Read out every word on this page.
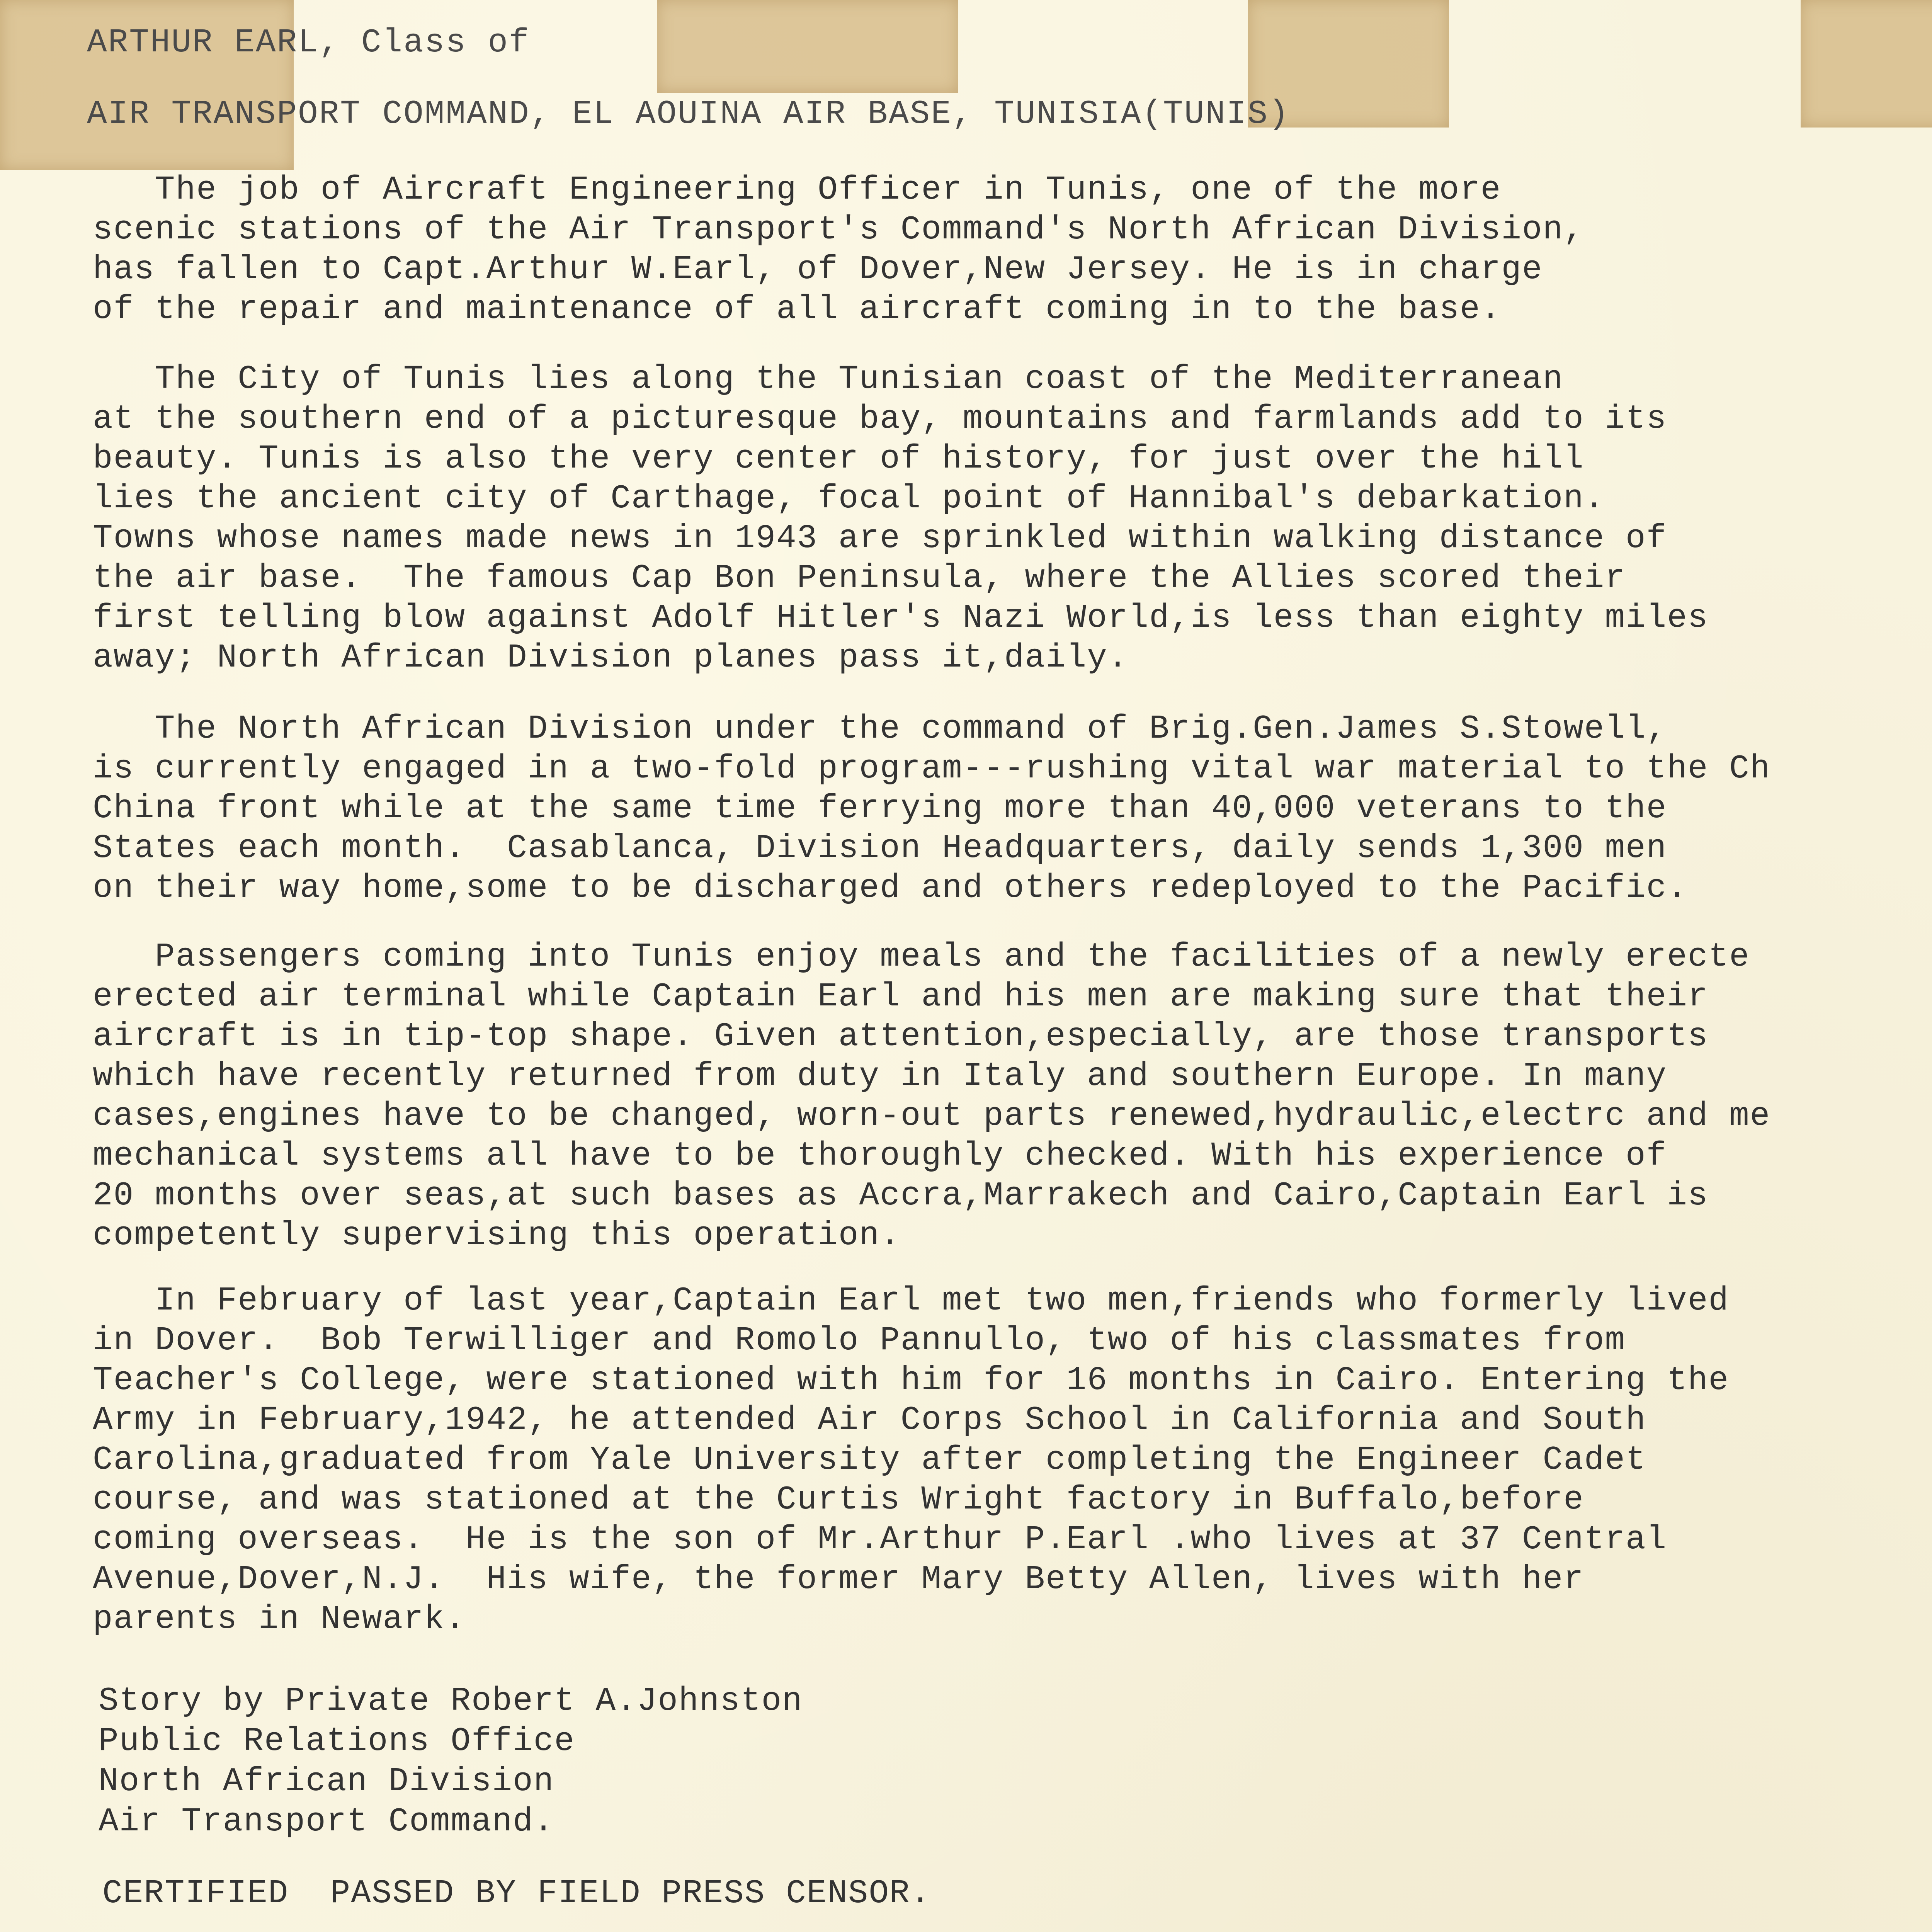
ARTHUR EARL, Class of
AIR TRANSPORT COMMAND, EL AOUINA AIR BASE, TUNISIA(TUNIS)

The job of Aircraft Engineering Officer in Tunis, one of the more
scenic stations of the Air Transport's Command's North African Division,
has fallen to Capt.Arthur W.Earl, of Dover,New Jersey. He is in charge
of the repair and maintenance of all aircraft coming in to the base.

The City of Tunis lies along the Tunisian coast of the Mediterranean
at the southern end of a picturesque bay, mountains and farmlands add to its
beauty. Tunis is also the very center of history, for just over the hill
lies the ancient city of Carthage, focal point of Hannibal's debarkation.
Towns whose names made news in 1943 are sprinkled within walking distance of
the air base.  The famous Cap Bon Peninsula, where the Allies scored their
first telling blow against Adolf Hitler's Nazi World,is less than eighty miles
away; North African Division planes pass it,daily.

The North African Division under the command of Brig.Gen.James S.Stowell,
is currently engaged in a two-fold program---rushing vital war material to the Ch
China front while at the same time ferrying more than 40,000 veterans to the
States each month.  Casablanca, Division Headquarters, daily sends 1,300 men
on their way home,some to be discharged and others redeployed to the Pacific.

Passengers coming into Tunis enjoy meals and the facilities of a newly erecte
erected air terminal while Captain Earl and his men are making sure that their
aircraft is in tip-top shape. Given attention,especially, are those transports
which have recently returned from duty in Italy and southern Europe. In many
cases,engines have to be changed, worn-out parts renewed,hydraulic,electrc and me
mechanical systems all have to be thoroughly checked. With his experience of
20 months over seas,at such bases as Accra,Marrakech and Cairo,Captain Earl is
competently supervising this operation.

In February of last year,Captain Earl met two men,friends who formerly lived
in Dover.  Bob Terwilliger and Romolo Pannullo, two of his classmates from
Teacher's College, were stationed with him for 16 months in Cairo. Entering the
Army in February,1942, he attended Air Corps School in California and South
Carolina,graduated from Yale University after completing the Engineer Cadet
course, and was stationed at the Curtis Wright factory in Buffalo,before
coming overseas.  He is the son of Mr.Arthur P.Earl .who lives at 37 Central
Avenue,Dover,N.J.  His wife, the former Mary Betty Allen, lives with her
parents in Newark.

Story by Private Robert A.Johnston
Public Relations Office
North African Division
Air Transport Command.
CERTIFIED  PASSED BY FIELD PRESS CENSOR.
